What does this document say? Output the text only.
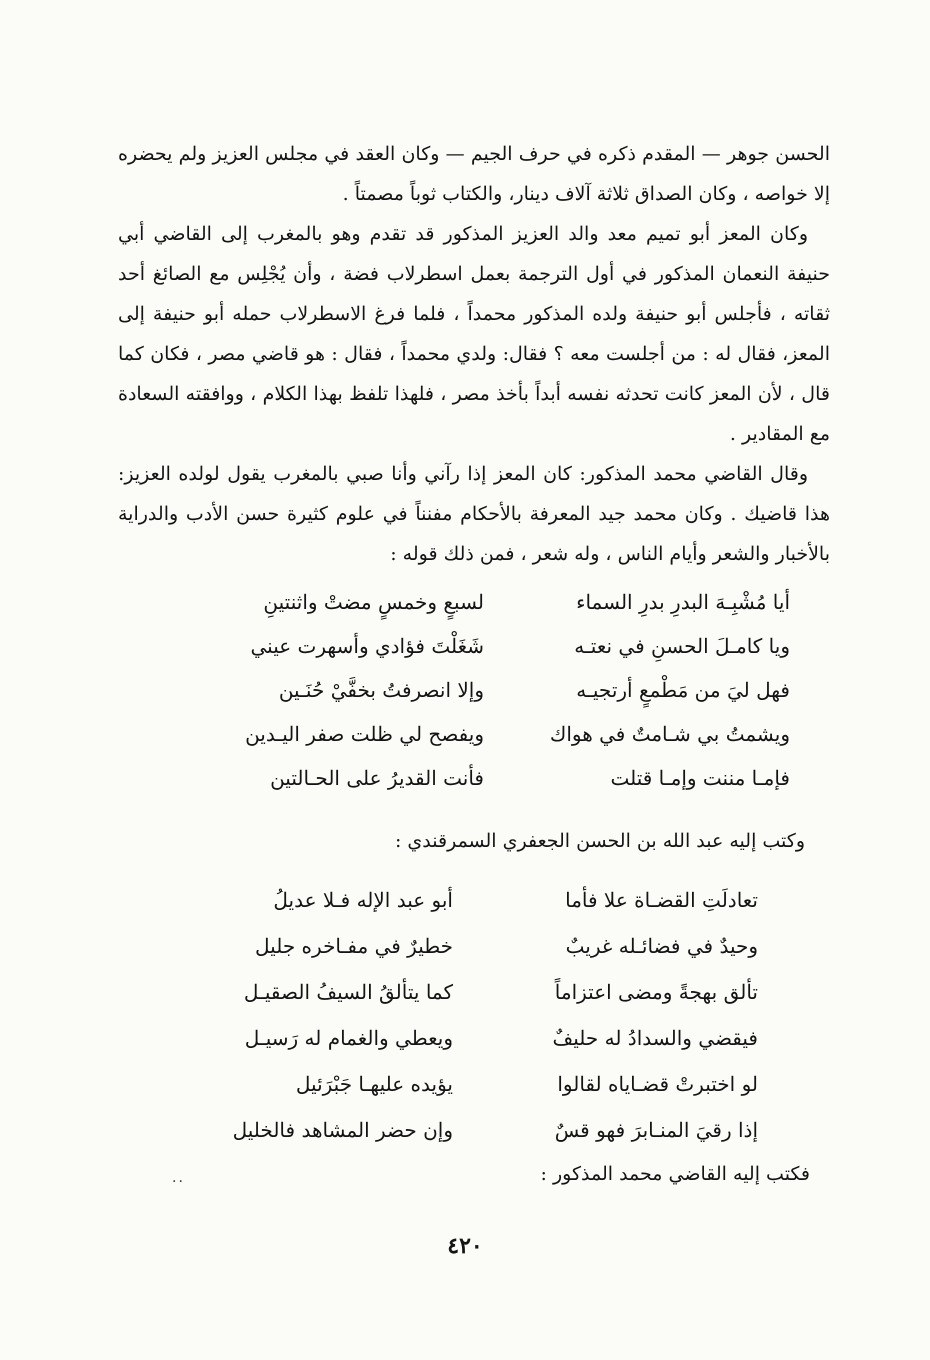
الحسن جوهر — المقدم ذكره في حرف الجيم — وكان العقد في مجلس العزيز ولم يحضره إلا خواصه ، وكان الصداق ثلاثة آلاف دينار، والكتاب ثوباً مصمتاً .

وكان المعز أبو تميم معد والد العزيز المذكور قد تقدم وهو بالمغرب إلى القاضي أبي حنيفة النعمان المذكور في أول الترجمة بعمل اسطرلاب فضة ، وأن يُجْلِس مع الصائغ أحد ثقاته ، فأجلس أبو حنيفة ولده المذكور محمداً ، فلما فرغ الاسطرلاب حمله أبو حنيفة إلى المعز، فقال له : من أجلست معه ؟ فقال: ولدي محمداً ، فقال : هو قاضي مصر ، فكان كما قال ، لأن المعز كانت تحدثه نفسه أبداً بأخذ مصر ، فلهذا تلفظ بهذا الكلام ، ووافقته السعادة مع المقادير .

وقال القاضي محمد المذكور: كان المعز إذا رآني وأنا صبي بالمغرب يقول لولده العزيز: هذا قاضيك . وكان محمد جيد المعرفة بالأحكام مفنناً في علوم كثيرة حسن الأدب والدراية بالأخبار والشعر وأيام الناس ، وله شعر ، فمن ذلك قوله :

أيا مُشْبِـهَ البدرِ بدرِ السماء
لسبعٍ وخمسٍ مضتْ واثنتينِ
ويا كامـلَ الحسنِ في نعتـه
شَغَلْتَ فؤادي وأسهرت عيني
فهل ليَ من مَطْمعٍ أرتجيـه
وإلا انصرفتُ بخفَّيْ حُنَـين
ويشمتُ بي شـامتٌ في هواك
ويفصح لي ظلت صفر اليـدين
فإمـا مننت وإمـا قتلت
فأنت القديرُ على الحـالتين
وكتب إليه عبد الله بن الحسن الجعفري السمرقندي :
تعادلَتِ القضـاة علا فأما
أبو عبد الإله فـلا عديلُ
وحيدٌ في فضائـله غريبٌ
خطيرٌ في مفـاخره جليل
تألق بهجةً ومضى اعتزاماً
كما يتألقُ السيفُ الصقيـل
فيقضي والسدادُ له حليفٌ
ويعطي والغمام له رَسيـل
لو اختبرتْ قضـاياه لقالوا
يؤيده عليهـا جَبْرَئيل
إذا رقيَ المنـابرَ فهو قسٌ
وإن حضر المشاهد فالخليل
فكتب إليه القاضي محمد المذكور :
..
٤٢٠
